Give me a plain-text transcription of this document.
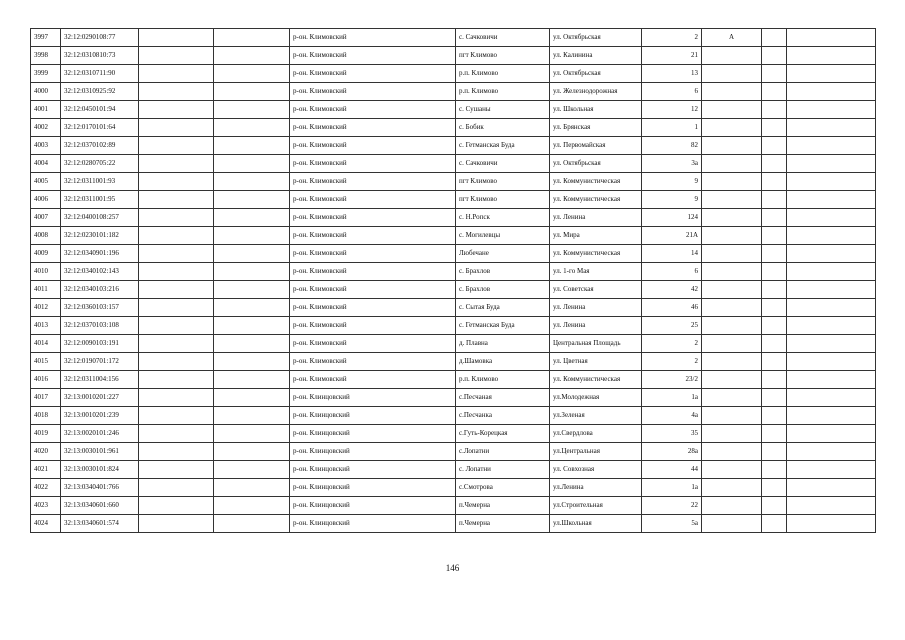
3997	32:12:0290108:77			р-он. Климовский	с. Сачковичи	ул. Октябрьская	2	А		
3998	32:12:0310810:73			р-он. Климовский	пгт Климово	ул. Калинина	21			
3999	32:12:0310711:90			р-он. Климовский	р.п. Климово	ул. Октябрьская	13			
4000	32:12:0310925:92			р-он. Климовский	р.п. Климово	ул. Железнодорожная	6			
4001	32:12:0450101:94			р-он. Климовский	с. Сушаны	ул. Школьная	12			
4002	32:12:0170101:64			р-он. Климовский	с. Бобик	ул. Брянская	1			
4003	32:12:0370102:89			р-он. Климовский	с. Гетманская Буда	ул. Первомайская	82			
4004	32:12:0280705:22			р-он. Климовский	с. Сачковичи	ул. Октябрьская	3а			
4005	32:12:0311001:93			р-он. Климовский	пгт Климово	ул. Коммунистическая	9			
4006	32:12:0311001:95			р-он. Климовский	пгт Климово	ул. Коммунистическая	9			
4007	32:12:0400108:257			р-он. Климовский	с. Н.Ропск	ул. Ленина	124			
4008	32:12:0230101:182			р-он. Климовский	с. Могилевцы	ул. Мира	21А			
4009	32:12:0340901:196			р-он. Климовский	Любечане	ул. Коммунистическая	14			
4010	32:12:0340102:143			р-он. Климовский	с. Брахлов	ул. 1-го Мая	6			
4011	32:12:0340103:216			р-он. Климовский	с. Брахлов	ул. Советская	42			
4012	32:12:0360103:157			р-он. Климовский	с. Сытая Буда	ул. Ленина	46			
4013	32:12:0370103:108			р-он. Климовский	с. Гетманская Буда	ул. Ленина	25			
4014	32:12:0090103:191			р-он. Климовский	д. Плавна	Центральная Площадь	2			
4015	32:12:0190701:172			р-он. Климовский	д.Шамовка	ул. Цветная	2			
4016	32:12:0311004:156			р-он. Климовский	р.п. Климово	ул. Коммунистическая	23/2			
4017	32:13:0010201:227			р-он. Клинцовский	с.Песчаная	ул.Молодежная	1а			
4018	32:13:0010201:239			р-он. Клинцовский	с.Песчанка	ул.Зеленая	4а			
4019	32:13:0020101:246			р-он. Клинцовский	с.Гуть-Корецкая	ул.Свердлова	35			
4020	32:13:0030101:961			р-он. Клинцовский	с.Лопатни	ул.Центральная	28а			
4021	32:13:0030101:824			р-он. Клинцовский	с. Лопатни	ул. Совхозная	44			
4022	32:13:0340401:766			р-он. Клинцовский	с.Смотрова	ул.Ленина	1а			
4023	32:13:0340601:660			р-он. Клинцовский	п.Чемерна	ул.Строительная	22			
4024	32:13:0340601:574			р-он. Клинцовский	п.Чемерна	ул.Школьная	5а			
146
